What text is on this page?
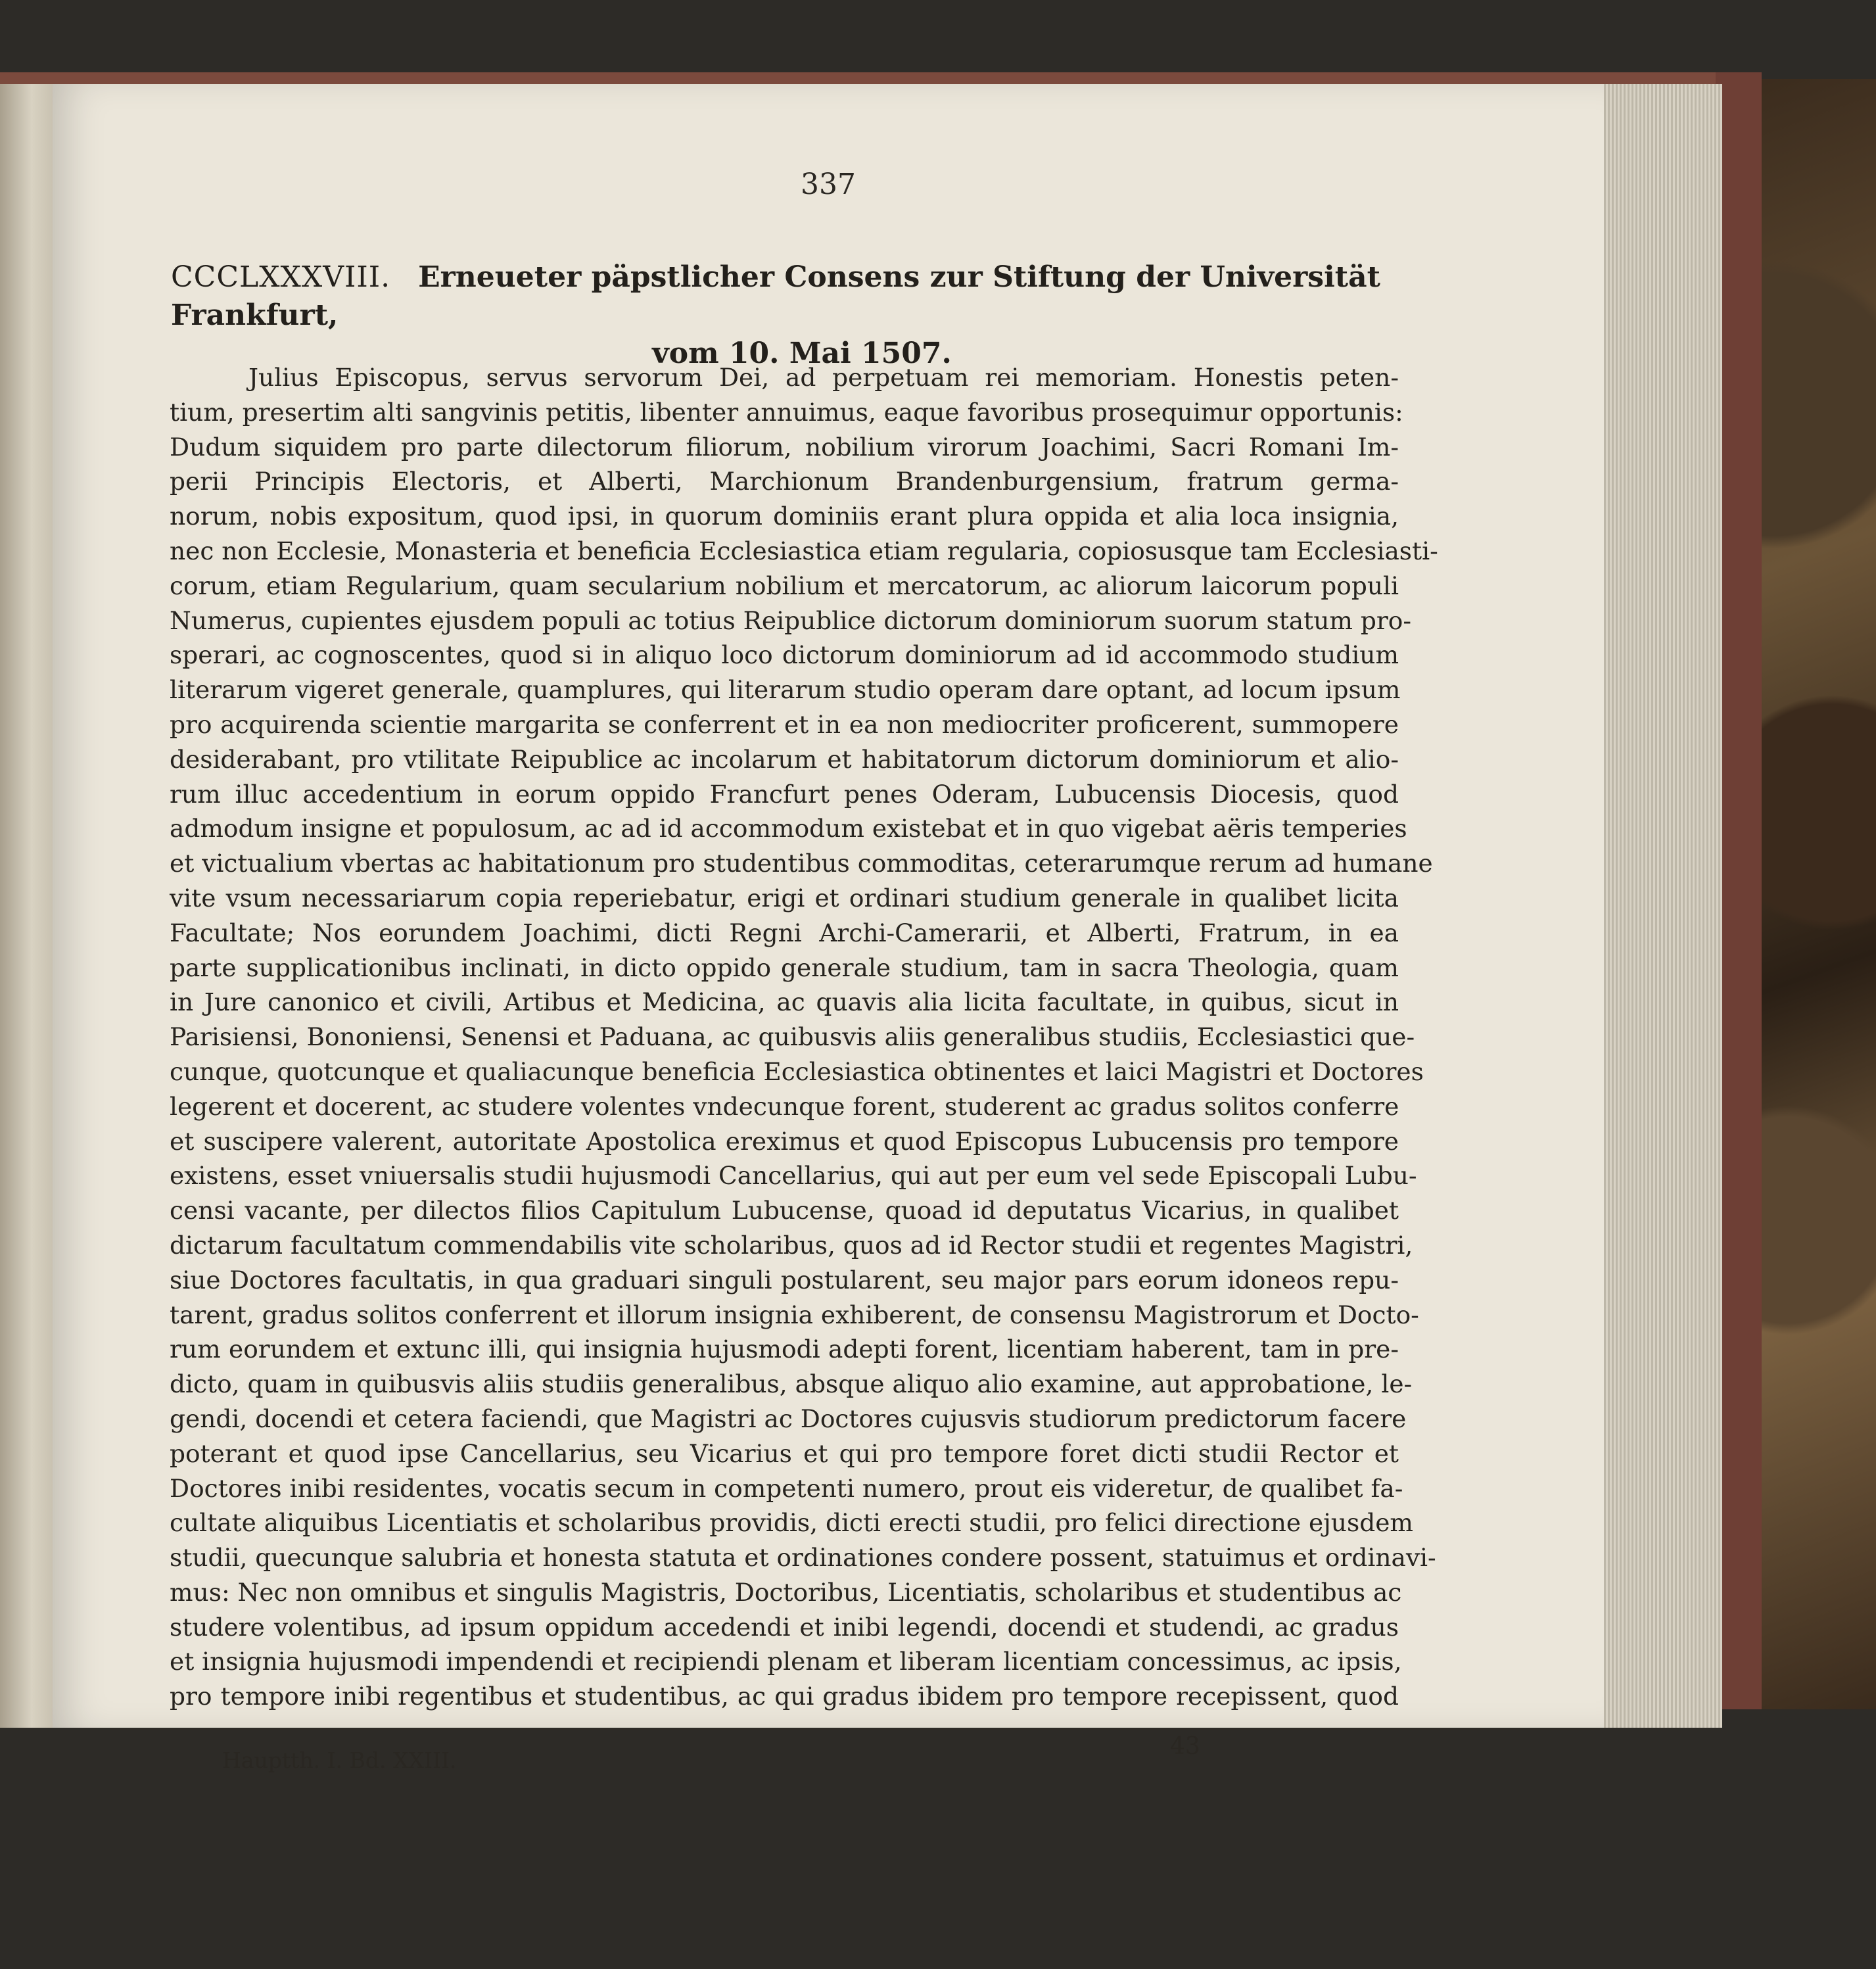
337
CCCLXXXVIII. Erneueter päpstlicher Consens zur Stiftung der Universität Frankfurt,
vom 10. Mai 1507.
Julius Episcopus, servus servorum Dei, ad perpetuam rei memoriam. Honestis peten-
tium, presertim alti sangvinis petitis, libenter annuimus, eaque favoribus prosequimur opportunis:
Dudum siquidem pro parte dilectorum filiorum, nobilium virorum Joachimi, Sacri Romani Im-
perii Principis Electoris, et Alberti, Marchionum Brandenburgensium, fratrum germa-
norum, nobis expositum, quod ipsi, in quorum dominiis erant plura oppida et alia loca insignia,
nec non Ecclesie, Monasteria et beneficia Ecclesiastica etiam regularia, copiosusque tam Ecclesiasti-
corum, etiam Regularium, quam secularium nobilium et mercatorum, ac aliorum laicorum populi
Numerus, cupientes ejusdem populi ac totius Reipublice dictorum dominiorum suorum statum pro-
sperari, ac cognoscentes, quod si in aliquo loco dictorum dominiorum ad id accommodo studium
literarum vigeret generale, quamplures, qui literarum studio operam dare optant, ad locum ipsum
pro acquirenda scientie margarita se conferrent et in ea non mediocriter proficerent, summopere
desiderabant, pro vtilitate Reipublice ac incolarum et habitatorum dictorum dominiorum et alio-
rum illuc accedentium in eorum oppido Francfurt penes Oderam, Lubucensis Diocesis, quod
admodum insigne et populosum, ac ad id accommodum existebat et in quo vigebat aëris temperies
et victualium vbertas ac habitationum pro studentibus commoditas, ceterarumque rerum ad humane
vite vsum necessariarum copia reperiebatur, erigi et ordinari studium generale in qualibet licita
Facultate; Nos eorundem Joachimi, dicti Regni Archi-Camerarii, et Alberti, Fratrum, in ea
parte supplicationibus inclinati, in dicto oppido generale studium, tam in sacra Theologia, quam
in Jure canonico et civili, Artibus et Medicina, ac quavis alia licita facultate, in quibus, sicut in
Parisiensi, Bononiensi, Senensi et Paduana, ac quibusvis aliis generalibus studiis, Ecclesiastici que-
cunque, quotcunque et qualiacunque beneficia Ecclesiastica obtinentes et laici Magistri et Doctores
legerent et docerent, ac studere volentes vndecunque forent, studerent ac gradus solitos conferre
et suscipere valerent, autoritate Apostolica ereximus et quod Episcopus Lubucensis pro tempore
existens, esset vniuersalis studii hujusmodi Cancellarius, qui aut per eum vel sede Episcopali Lubu-
censi vacante, per dilectos filios Capitulum Lubucense, quoad id deputatus Vicarius, in qualibet
dictarum facultatum commendabilis vite scholaribus, quos ad id Rector studii et regentes Magistri,
siue Doctores facultatis, in qua graduari singuli postularent, seu major pars eorum idoneos repu-
tarent, gradus solitos conferrent et illorum insignia exhiberent, de consensu Magistrorum et Docto-
rum eorundem et extunc illi, qui insignia hujusmodi adepti forent, licentiam haberent, tam in pre-
dicto, quam in quibusvis aliis studiis generalibus, absque aliquo alio examine, aut approbatione, le-
gendi, docendi et cetera faciendi, que Magistri ac Doctores cujusvis studiorum predictorum facere
poterant et quod ipse Cancellarius, seu Vicarius et qui pro tempore foret dicti studii Rector et
Doctores inibi residentes, vocatis secum in competenti numero, prout eis videretur, de qualibet fa-
cultate aliquibus Licentiatis et scholaribus providis, dicti erecti studii, pro felici directione ejusdem
studii, quecunque salubria et honesta statuta et ordinationes condere possent, statuimus et ordinavi-
mus: Nec non omnibus et singulis Magistris, Doctoribus, Licentiatis, scholaribus et studentibus ac
studere volentibus, ad ipsum oppidum accedendi et inibi legendi, docendi et studendi, ac gradus
et insignia hujusmodi impendendi et recipiendi plenam et liberam licentiam concessimus, ac ipsis,
pro tempore inibi regentibus et studentibus, ac qui gradus ibidem pro tempore recepissent, quod
Hauptth. I. Bd. XXIII.
43
